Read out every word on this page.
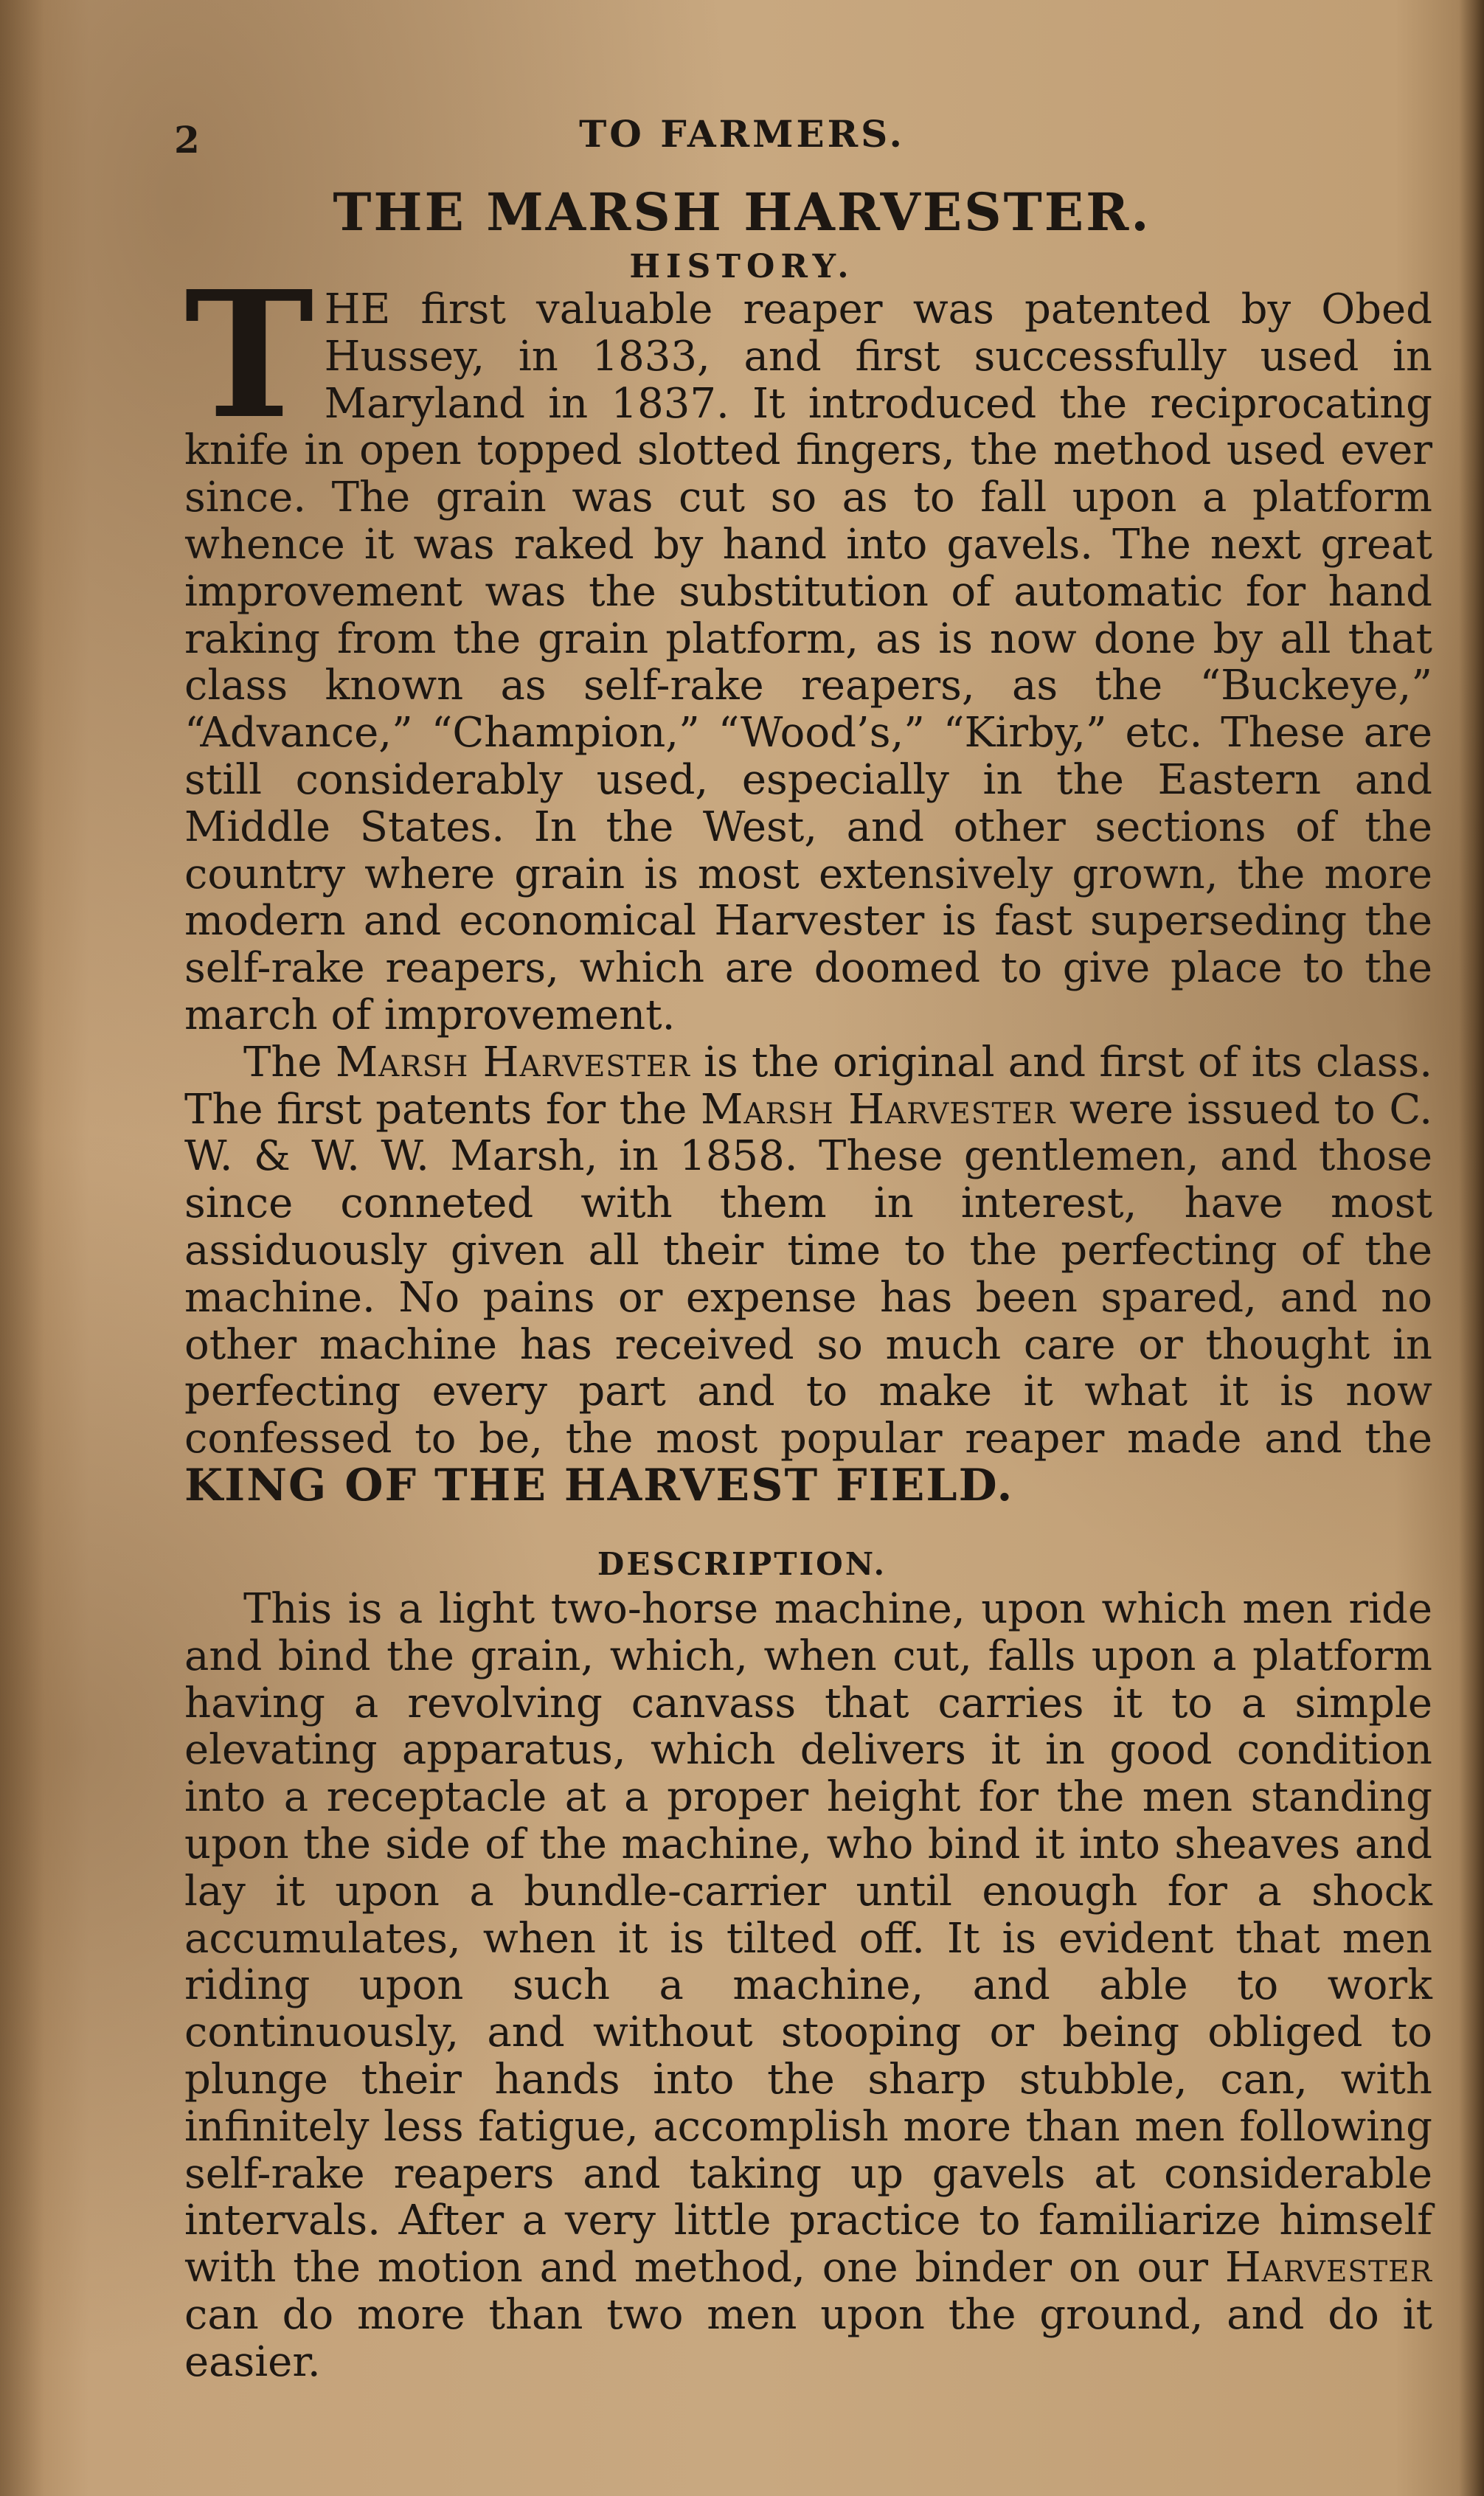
2	TO FARMERS.
THE MARSH HARVESTER.
HISTORY.

THE first valuable reaper was patented by Obed Hussey, in 1833, and first successfully used in Maryland in 1837. It introduced the reciprocating knife in open topped slotted fingers, the method used ever since. The grain was cut so as to fall upon a platform whence it was raked by hand into gavels. The next great improvement was the substitution of automatic for hand raking from the grain platform, as is now done by all that class known as self-rake reapers, as the “Buckeye,” “Advance,” “Champion,” “Wood’s,” “Kirby,” etc. These are still considerably used, especially in the Eastern and Middle States. In the West, and other sections of the country where grain is most extensively grown, the more modern and economical Harvester is fast superseding the self-rake reapers, which are doomed to give place to the march of improvement.

The Marsh Harvester is the original and first of its class. The first patents for the Marsh Harvester were issued to C. W. & W. W. Marsh, in 1858. These gentlemen, and those since conneted with them in interest, have most assiduously given all their time to the perfecting of the machine. No pains or expense has been spared, and no other machine has received so much care or thought in perfecting every part and to make it what it is now confessed to be, the most popular reaper made and the KING OF THE HARVEST FIELD.

DESCRIPTION.

This is a light two-horse machine, upon which men ride and bind the grain, which, when cut, falls upon a platform having a revolving canvass that carries it to a simple elevating apparatus, which delivers it in good condition into a receptacle at a proper height for the men standing upon the side of the machine, who bind it into sheaves and lay it upon a bundle-carrier until enough for a shock accumulates, when it is tilted off. It is evident that men riding upon such a machine, and able to work continuously, and without stooping or being obliged to plunge their hands into the sharp stubble, can, with infinitely less fatigue, accomplish more than men following self-rake reapers and taking up gavels at considerable intervals. After a very little practice to familiarize himself with the motion and method, one binder on our Harvester can do more than two men upon the ground, and do it easier.
